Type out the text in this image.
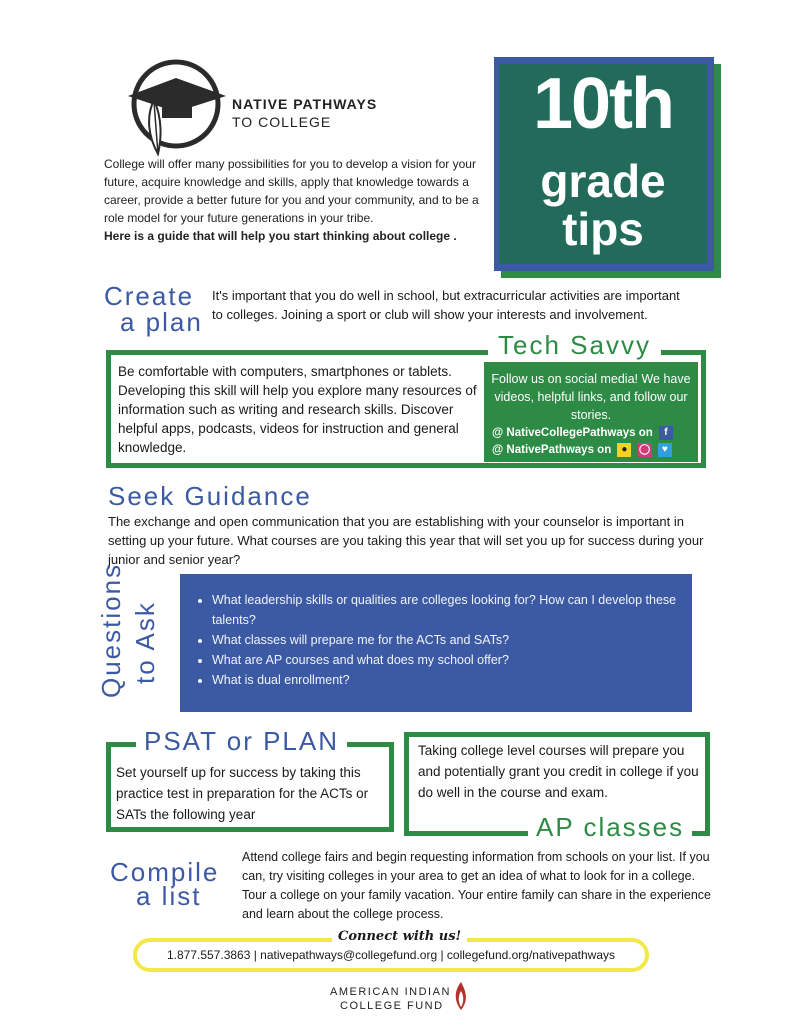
NATIVE PATHWAYS
TO COLLEGE
College will offer many possibilities for you to develop a vision for your future, acquire knowledge and skills, apply that knowledge towards a career, provide a better future for you and your community, and to be a role model for your future generations in your tribe.
Here is a guide that will help you start thinking about college .
10th
grade
tips
Create
a plan
It's important that you do well in school, but extracurricular activities are important to colleges. Joining a sport or club will show your interests and involvement.
Tech Savvy
Be comfortable with computers, smartphones or tablets. Developing this skill will help you explore many resources of information such as writing and research skills. Discover helpful apps, podcasts, videos for instruction and general knowledge.
Follow us on social media! We have videos, helpful links, and follow our stories.
@ NativeCollegePathways on f
@ NativePathways on ● ◯ ♥
Seek Guidance
The exchange and open communication that you are establishing with your counselor is important in setting up your future. What courses are you taking this year that will set you up for success during your junior and senior year?
Questions to Ask
• What leadership skills or qualities are colleges looking for? How can I develop these talents?
• What classes will prepare me for the ACTs and SATs?
• What are AP courses and what does my school offer?
• What is dual enrollment?
PSAT or PLAN
Set yourself up for success by taking this practice test in preparation for the ACTs or SATs the following year
Taking college level courses will prepare you and potentially grant you credit in college if you do well in the course and exam.
AP classes
Compile
a list
Attend college fairs and begin requesting information from schools on your list. If you can, try visiting colleges in your area to get an idea of what to look for in a college. Tour a college on your family vacation. Your entire family can share in the experience and learn about the college process.
Connect with us!
1.877.557.3863 | nativepathways@collegefund.org | collegefund.org/nativepathways
AMERICAN INDIAN
COLLEGE FUND
